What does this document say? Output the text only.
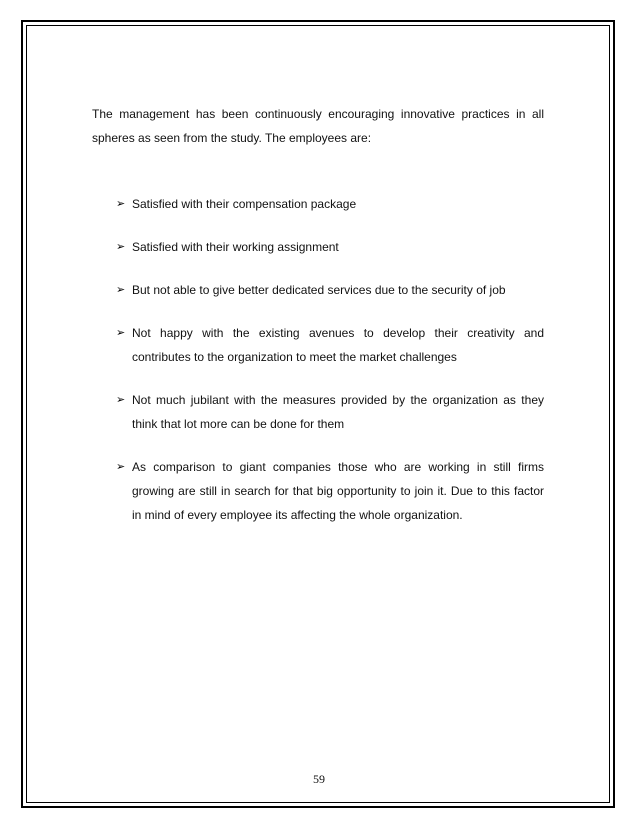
The management has been continuously encouraging innovative practices in all spheres as seen from the study. The employees are:

➢ Satisfied with their compensation package
➢ Satisfied with their working assignment
➢ But not able to give better dedicated services due to the security of job
➢ Not happy with the existing avenues to develop their creativity and contributes to the organization to meet the market challenges
➢ Not much jubilant with the measures provided by the organization as they think that lot more can be done for them
➢ As comparison to giant companies those who are working in still firms growing are still in search for that big opportunity to join it. Due to this factor in mind of every employee its affecting the whole organization.
59
